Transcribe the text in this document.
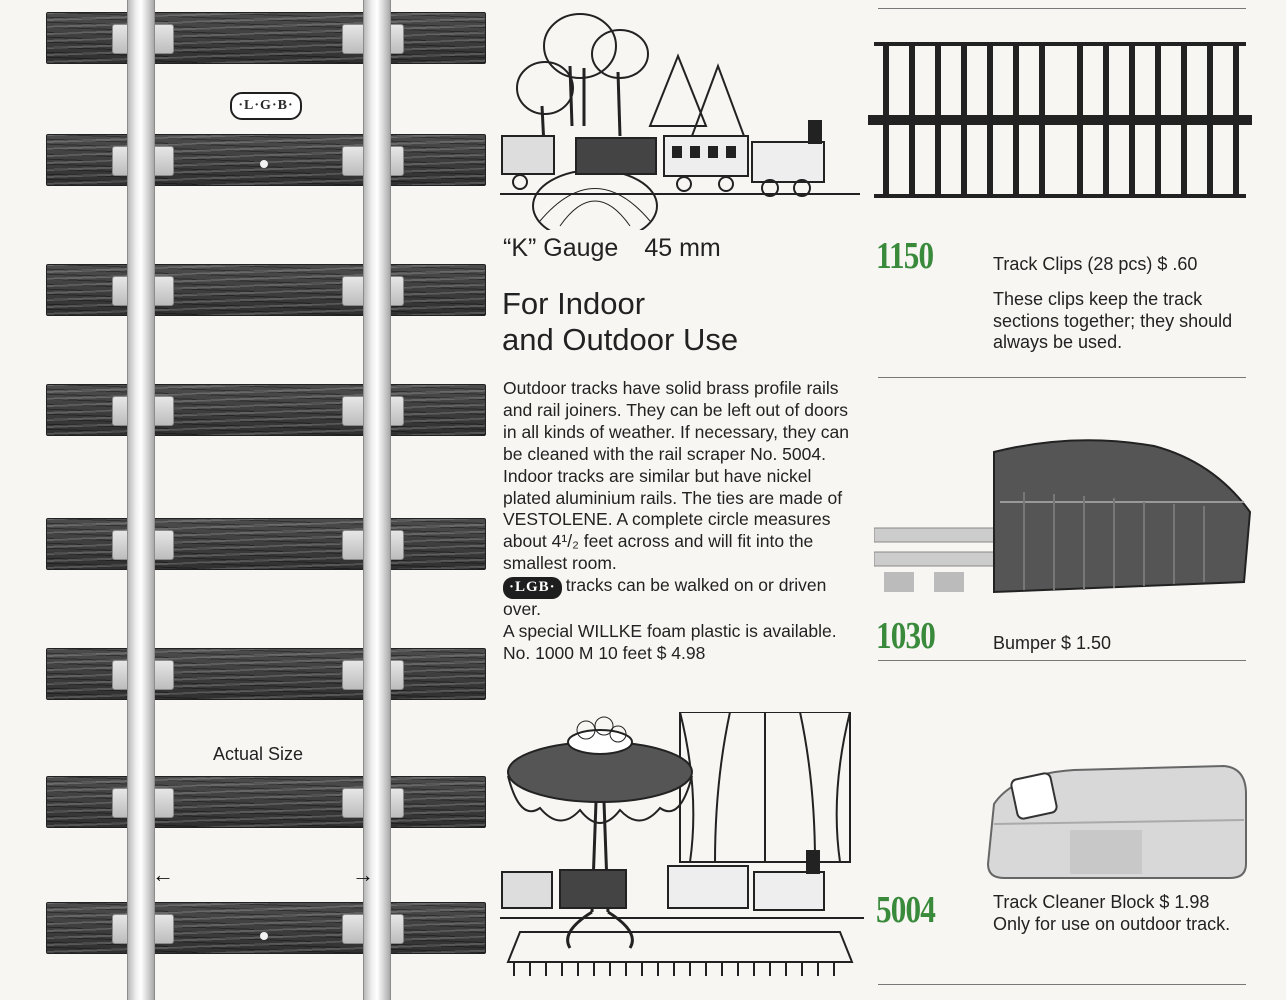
·L·G·B·
Actual Size
←	→
“K” Gauge 45 mm
For Indoor
and Outdoor Use

Outdoor tracks have solid brass profile rails and rail joiners. They can be left out of doors in all kinds of weather. If necessary, they can be cleaned with the rail scraper No. 5004. Indoor tracks are similar but have nickel plated aluminium rails. The ties are made of VESTOLENE. A complete circle measures about 4¹/₂ feet across and will fit into the smallest room.

·LGB· tracks can be walked on or driven over.

A special WILLKE foam plastic is available. No. 1000 M 10 feet $ 4.98

1150	Track Clips (28 pcs) $ .60
These clips keep the track sections together; they should always be used.
1030	Bumper $ 1.50
5004	Track Cleaner Block $ 1.98
Only for use on outdoor track.
